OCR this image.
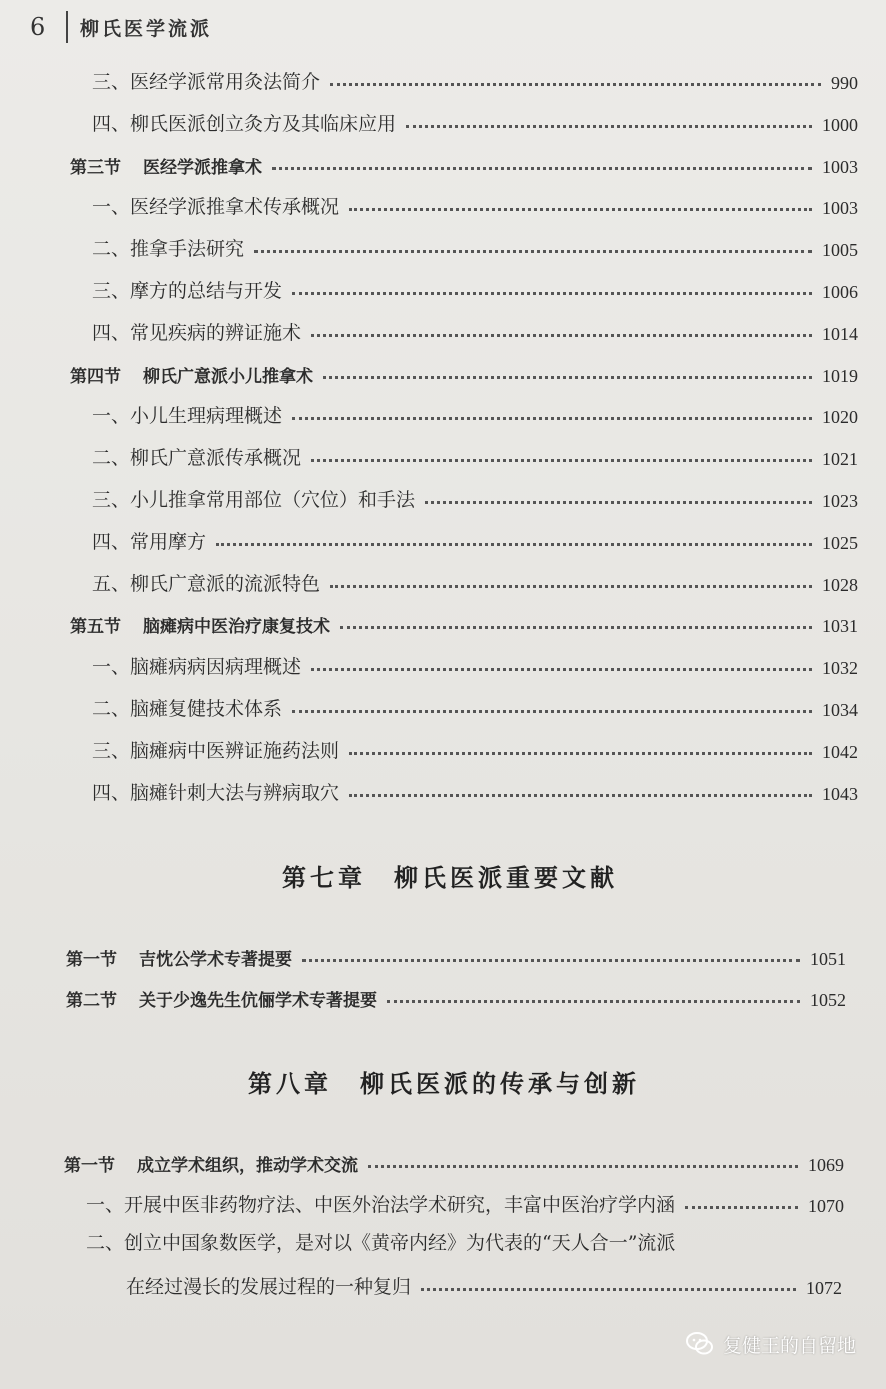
6	柳氏医学流派
三、医经学派常用灸法简介	990
四、柳氏医派创立灸方及其临床应用	1000
第三节 医经学派推拿术	1003
一、医经学派推拿术传承概况	1003
二、推拿手法研究	1005
三、摩方的总结与开发	1006
四、常见疾病的辨证施术	1014
第四节 柳氏广意派小儿推拿术	1019
一、小儿生理病理概述	1020
二、柳氏广意派传承概况	1021
三、小儿推拿常用部位（穴位）和手法	1023
四、常用摩方	1025
五、柳氏广意派的流派特色	1028
第五节 脑瘫病中医治疗康复技术	1031
一、脑瘫病病因病理概述	1032
二、脑瘫复健技术体系	1034
三、脑瘫病中医辨证施药法则	1042
四、脑瘫针刺大法与辨病取穴	1043
第七章　柳氏医派重要文献
第一节 吉忱公学术专著提要	1051
第二节 关于少逸先生伉俪学术专著提要	1052
第八章　柳氏医派的传承与创新
第一节 成立学术组织，推动学术交流	1069
一、开展中医非药物疗法、中医外治法学术研究，丰富中医治疗学内涵	1070
二、创立中国象数医学，是对以《黄帝内经》为代表的“天人合一”流派
在经过漫长的发展过程的一种复归	1072
复健王的自留地
